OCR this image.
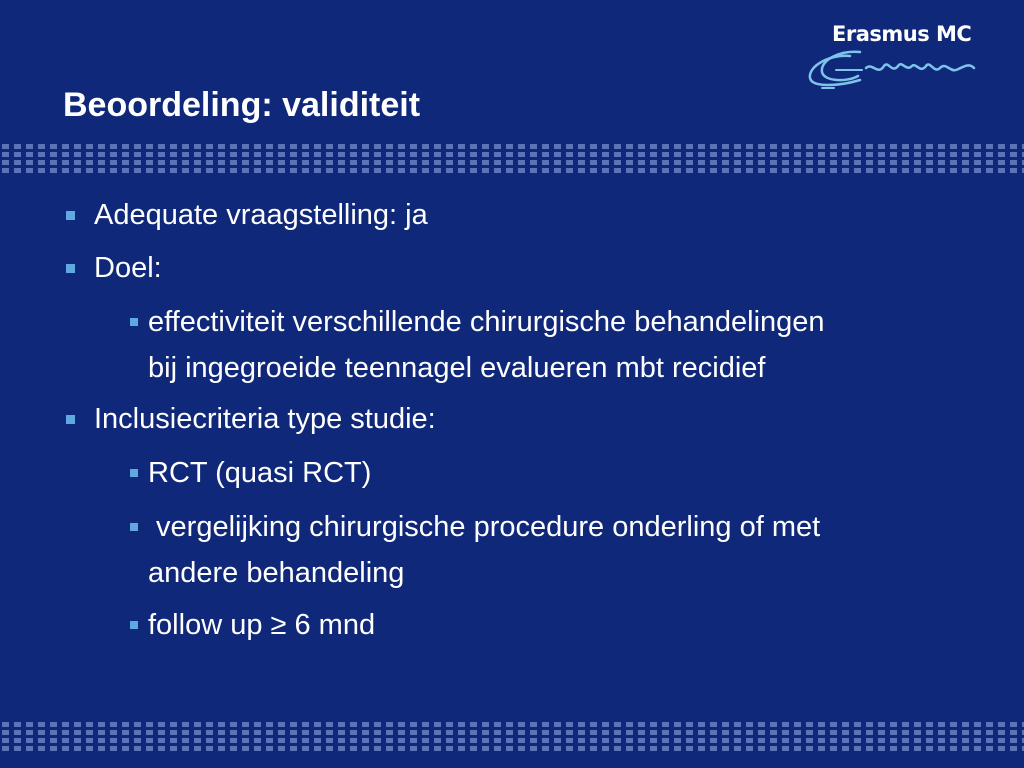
Erasmus MC
Beoordeling: validiteit
Adequate vraagstelling: ja
Doel:
effectiviteit verschillende chirurgische behandelingen
bij ingegroeide teennagel evalueren mbt recidief
Inclusiecriteria type studie:
RCT (quasi RCT)
vergelijking chirurgische procedure onderling of met
andere behandeling
follow up ≥ 6 mnd
